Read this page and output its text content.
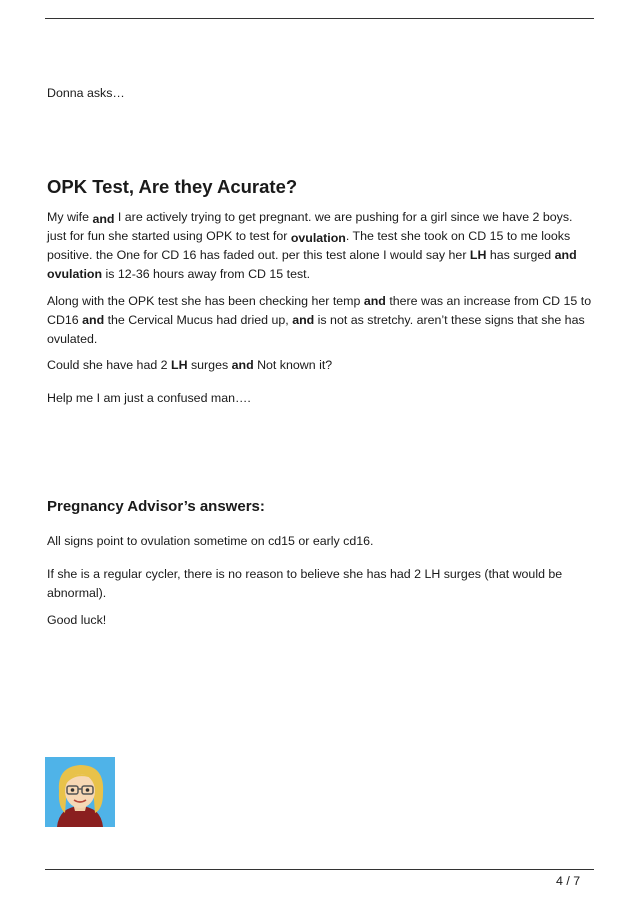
Donna asks…

OPK Test, Are they Acurate?

My wife and I are actively trying to get pregnant. we are pushing for a girl since we have 2 boys. just for fun she started using OPK to test for ovulation. The test she took on CD 15 to me looks positive. the One for CD 16 has faded out. per this test alone I would say her LH has surged and ovulation is 12-36 hours away from CD 15 test.

Along with the OPK test she has been checking her temp and there was an increase from CD 15 to CD16 and the Cervical Mucus had dried up, and is not as stretchy. aren’t these signs that she has ovulated.

Could she have had 2 LH surges and Not known it?

Help me I am just a confused man….

Pregnancy Advisor’s answers:

All signs point to ovulation sometime on cd15 or early cd16.

If she is a regular cycler, there is no reason to believe she has had 2 LH surges (that would be abnormal).

Good luck!

4 / 7
